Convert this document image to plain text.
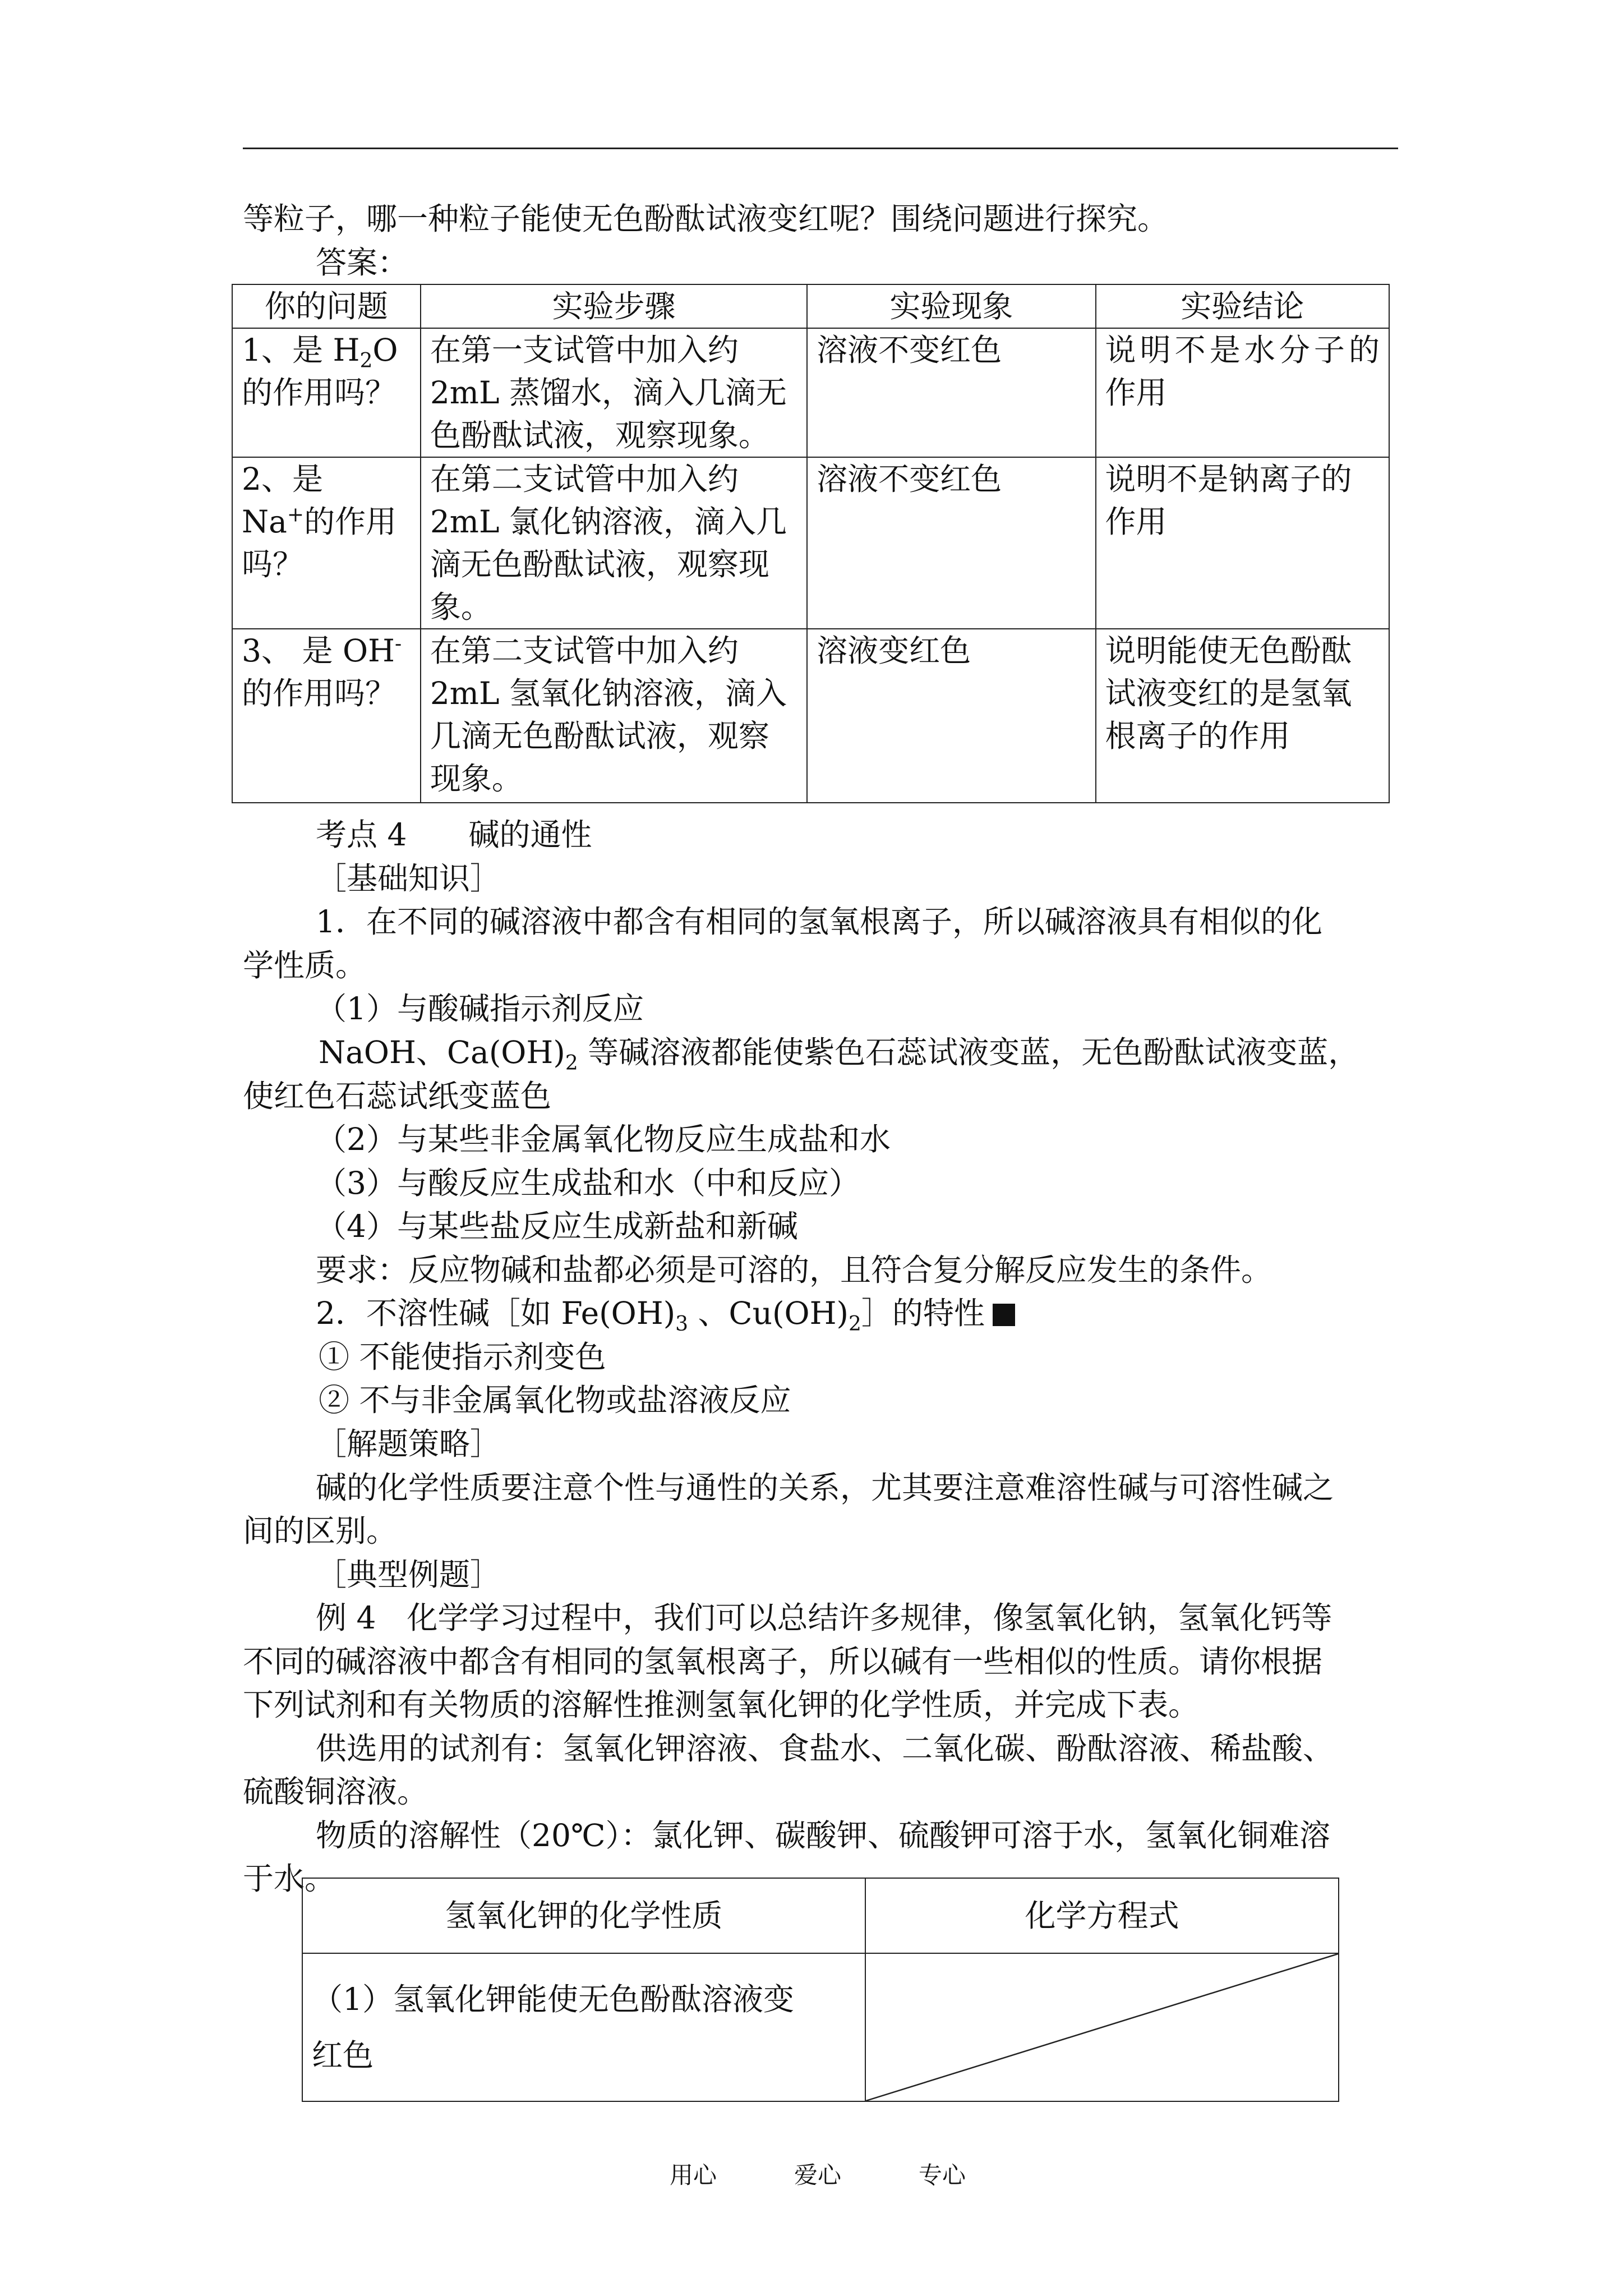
等粒子，哪一种粒子能使无色酚酞试液变红呢？围绕问题进行探究。
答案：
你的问题	实验步骤	实验现象	实验结论
1、是 $H_2O$的作用吗？	在第一支试管中加入约 2mL 蒸馏水，滴入几滴无色酚酞试液，观察现象。	溶液不变红色	说明不是水分子的作用
2、是 Na+的作用吗？	在第二支试管中加入约 2mL 氯化钠溶液，滴入几滴无色酚酞试液，观察现象。	溶液不变红色	说明不是钠离子的作用
3、 是 OH-的作用吗？	在第二支试管中加入约 2mL 氢氧化钠溶液，滴入几滴无色酚酞试液，观察现象。	溶液变红色	说明能使无色酚酞试液变红的是氢氧根离子的作用
考点 4　　碱的通性
［基础知识］
1．在不同的碱溶液中都含有相同的氢氧根离子，所以碱溶液具有相似的化
学性质。
（1）与酸碱指示剂反应
NaOH、$Ca(OH)_2$ 等碱溶液都能使紫色石蕊试液变蓝，无色酚酞试液变蓝，
使红色石蕊试纸变蓝色
（2）与某些非金属氧化物反应生成盐和水
（3）与酸反应生成盐和水（中和反应）
（4）与某些盐反应生成新盐和新碱
要求：反应物碱和盐都必须是可溶的，且符合复分解反应发生的条件。
2．不溶性碱［如 $Fe(OH)_3$ 、$Cu(OH)_2]$的特性
① 不能使指示剂变色
② 不与非金属氧化物或盐溶液反应
［解题策略］
碱的化学性质要注意个性与通性的关系，尤其要注意难溶性碱与可溶性碱之
间的区别。
［典型例题］
例 4　化学学习过程中，我们可以总结许多规律，像氢氧化钠，氢氧化钙等
不同的碱溶液中都含有相同的氢氧根离子，所以碱有一些相似的性质。请你根据
下列试剂和有关物质的溶解性推测氢氧化钾的化学性质，并完成下表。
供选用的试剂有：氢氧化钾溶液、食盐水、二氧化碳、酚酞溶液、稀盐酸、
硫酸铜溶液。
物质的溶解性（20℃）：氯化钾、碳酸钾、硫酸钾可溶于水，氢氧化铜难溶
于水。
氢氧化钾的化学性质	化学方程式

（1）氢氧化钾能使无色酚酞溶液变
红色

用心	爱心	专心
